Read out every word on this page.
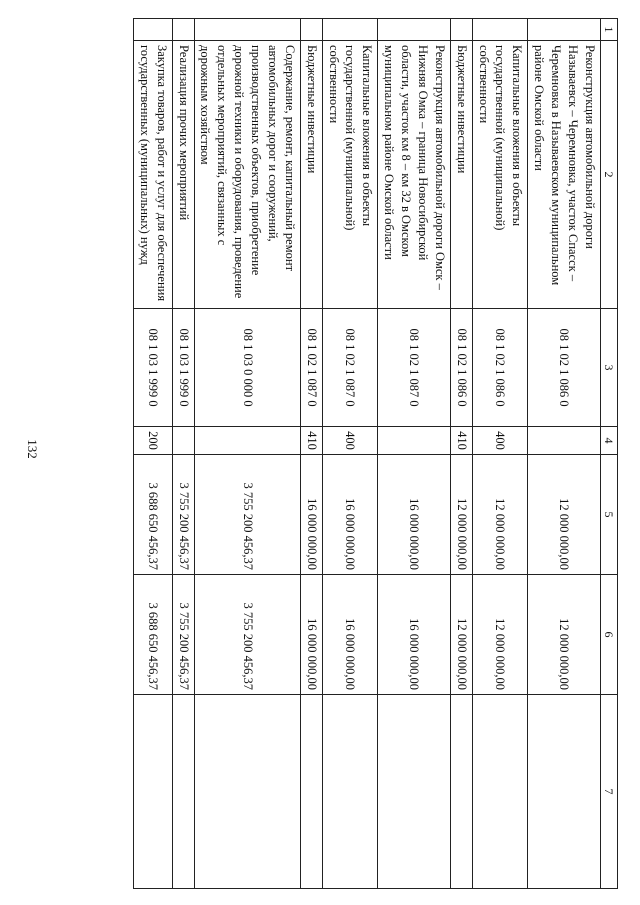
132
1	2	3	4	5	6	7
	Реконструкция автомобильной дороги Называевск – Черемновка, участок Спасск – Черемновка в Называевском муниципальном районе Омской области	08 1 02 1 086 0		12 000 000,00	12 000 000,00	
	Капитальные вложения в объекты государственной (муниципальной) собственности	08 1 02 1 086 0	400	12 000 000,00	12 000 000,00	
	Бюджетные инвестиции	08 1 02 1 086 0	410	12 000 000,00	12 000 000,00	
	Реконструкция автомобильной дороги Омск – Нижняя Омка – граница Новосибирской области, участок км 8 – км 32 в Омском муниципальном районе Омской области	08 1 02 1 087 0		16 000 000,00	16 000 000,00	
	Капитальные вложения в объекты государственной (муниципальной) собственности	08 1 02 1 087 0	400	16 000 000,00	16 000 000,00	
	Бюджетные инвестиции	08 1 02 1 087 0	410	16 000 000,00	16 000 000,00	
	Содержание, ремонт, капитальный ремонт автомобильных дорог и сооружений, производственных объектов, приобретение дорожной техники и оборудования, проведение отдельных мероприятий, связанных с дорожным хозяйством	08 1 03 0 000 0		3 755 200 456,37	3 755 200 456,37	
	Реализация прочих мероприятий	08 1 03 1 999 0		3 755 200 456,37	3 755 200 456,37	
	Закупка товаров, работ и услуг для обеспечения государственных (муниципальных) нужд	08 1 03 1 999 0	200	3 688 650 456,37	3 688 650 456,37	
